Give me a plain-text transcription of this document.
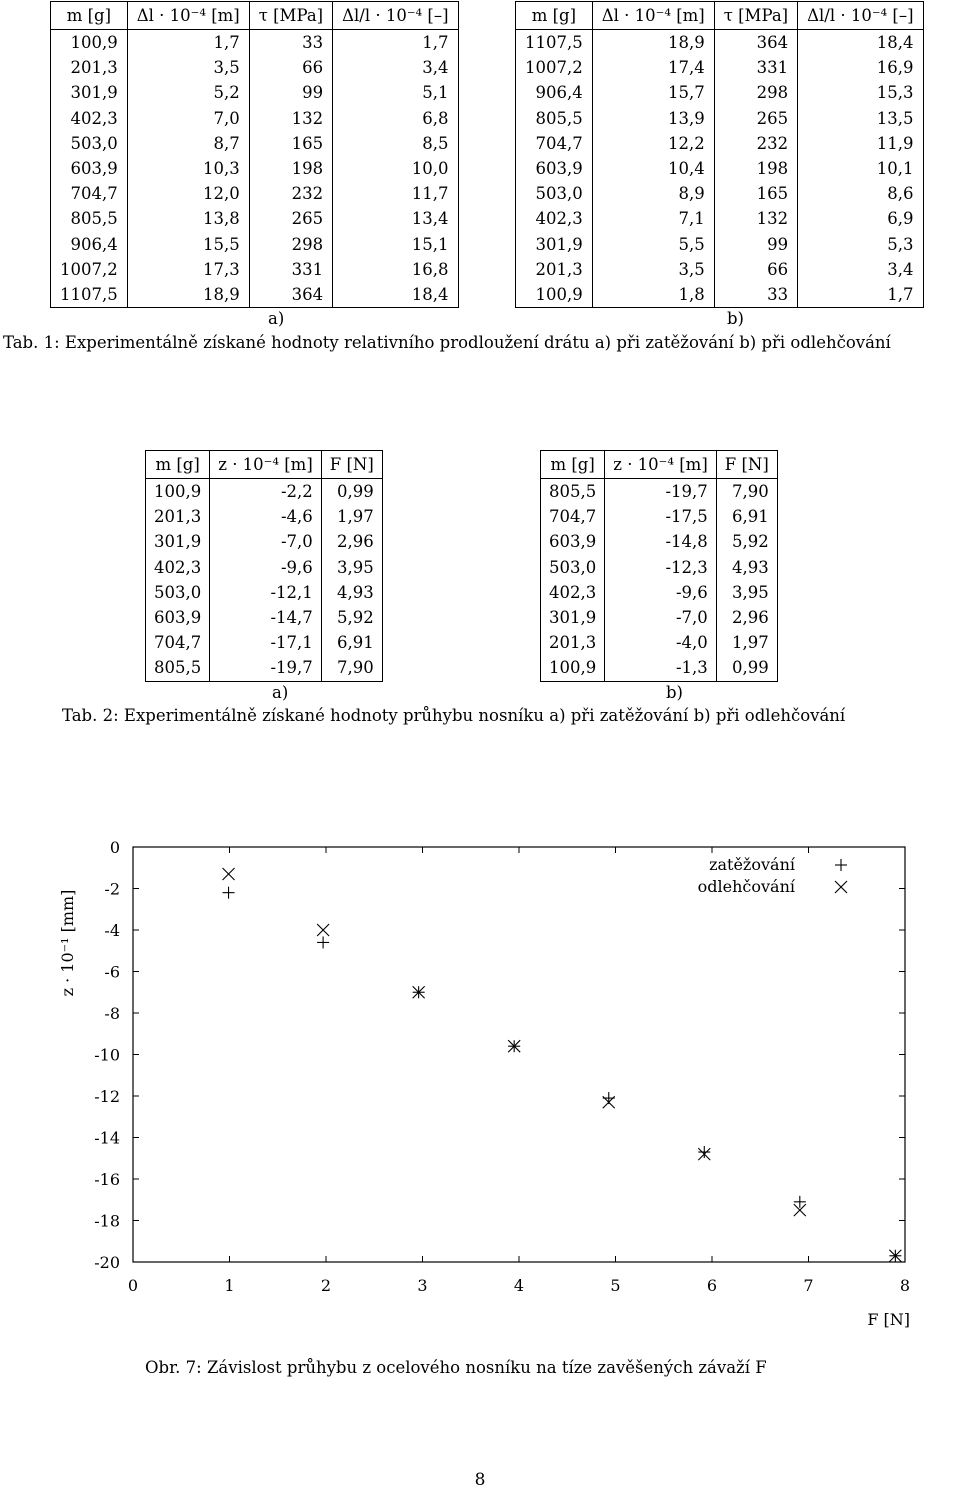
m [g]	Δl · 10⁻⁴ [m]	τ [MPa]	Δl/l · 10⁻⁴ [–]
100,9	1,7	33	1,7
201,3	3,5	66	3,4
301,9	5,2	99	5,1
402,3	7,0	132	6,8
503,0	8,7	165	8,5
603,9	10,3	198	10,0
704,7	12,0	232	11,7
805,5	13,8	265	13,4
906,4	15,5	298	15,1
1007,2	17,3	331	16,8
1107,5	18,9	364	18,4
m [g]	Δl · 10⁻⁴ [m]	τ [MPa]	Δl/l · 10⁻⁴ [–]
1107,5	18,9	364	18,4
1007,2	17,4	331	16,9
906,4	15,7	298	15,3
805,5	13,9	265	13,5
704,7	12,2	232	11,9
603,9	10,4	198	10,1
503,0	8,9	165	8,6
402,3	7,1	132	6,9
301,9	5,5	99	5,3
201,3	3,5	66	3,4
100,9	1,8	33	1,7
a)	b)
Tab. 1: Experimentálně získané hodnoty relativního prodloužení drátu a) při zatěžování b) při odlehčování
m [g]	z · 10⁻⁴ [m]	F [N]
100,9	-2,2	0,99
201,3	-4,6	1,97
301,9	-7,0	2,96
402,3	-9,6	3,95
503,0	-12,1	4,93
603,9	-14,7	5,92
704,7	-17,1	6,91
805,5	-19,7	7,90
m [g]	z · 10⁻⁴ [m]	F [N]
805,5	-19,7	7,90
704,7	-17,5	6,91
603,9	-14,8	5,92
503,0	-12,3	4,93
402,3	-9,6	3,95
301,9	-7,0	2,96
201,3	-4,0	1,97
100,9	-1,3	0,99
a)	b)
Tab. 2: Experimentálně získané hodnoty průhybu nosníku a) při zatěžování b) při odlehčování
0
-2
-4
-6
-8
-10
-12
-14
-16
-18
-20
0	1	2	3	4	5	6	7	8
zatěžování
odlehčování
z · 10⁻¹ [mm]
F [N]
Obr. 7: Závislost průhybu z ocelového nosníku na tíze zavěšených závaží F
8
